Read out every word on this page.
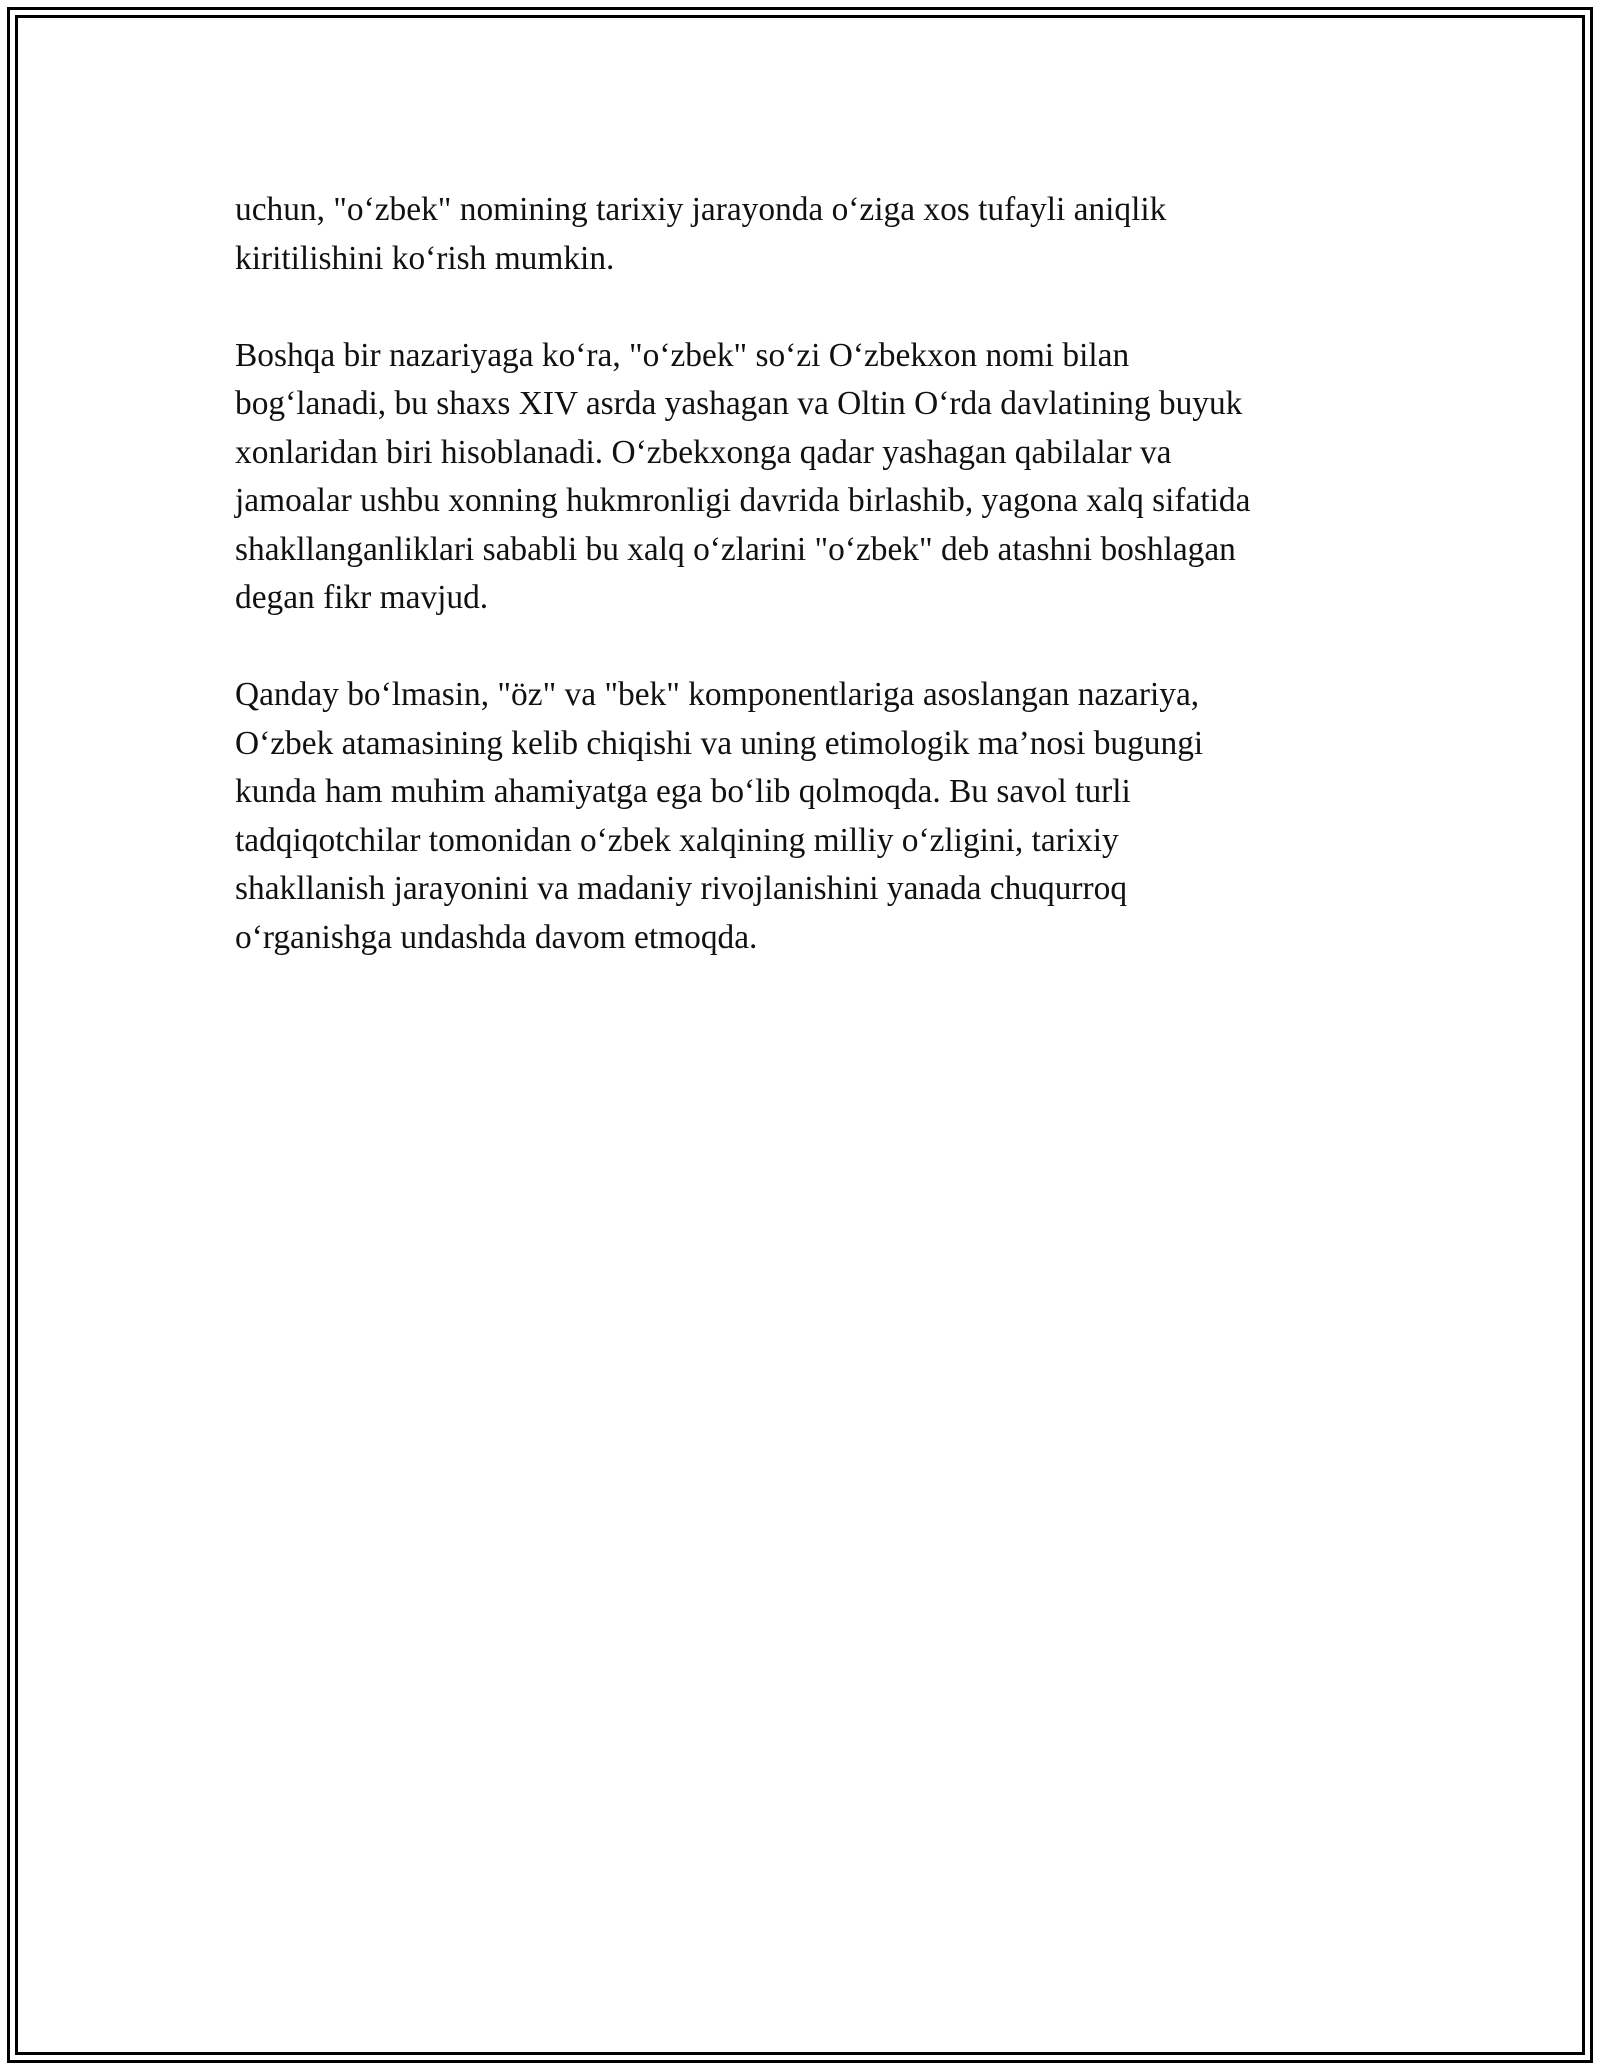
uchun, "o‘zbek" nomining tarixiy jarayonda o‘ziga xos tufayli aniqlik
kiritilishini ko‘rish mumkin.

Boshqa bir nazariyaga ko‘ra, "o‘zbek" so‘zi O‘zbekxon nomi bilan
bog‘lanadi, bu shaxs XIV asrda yashagan va Oltin O‘rda davlatining buyuk
xonlaridan biri hisoblanadi. O‘zbekxonga qadar yashagan qabilalar va
jamoalar ushbu xonning hukmronligi davrida birlashib, yagona xalq sifatida
shakllanganliklari sababli bu xalq o‘zlarini "o‘zbek" deb atashni boshlagan
degan fikr mavjud.

Qanday bo‘lmasin, "öz" va "bek" komponentlariga asoslangan nazariya,
O‘zbek atamasining kelib chiqishi va uning etimologik ma’nosi bugungi
kunda ham muhim ahamiyatga ega bo‘lib qolmoqda. Bu savol turli
tadqiqotchilar tomonidan o‘zbek xalqining milliy o‘zligini, tarixiy
shakllanish jarayonini va madaniy rivojlanishini yanada chuqurroq
o‘rganishga undashda davom etmoqda.
